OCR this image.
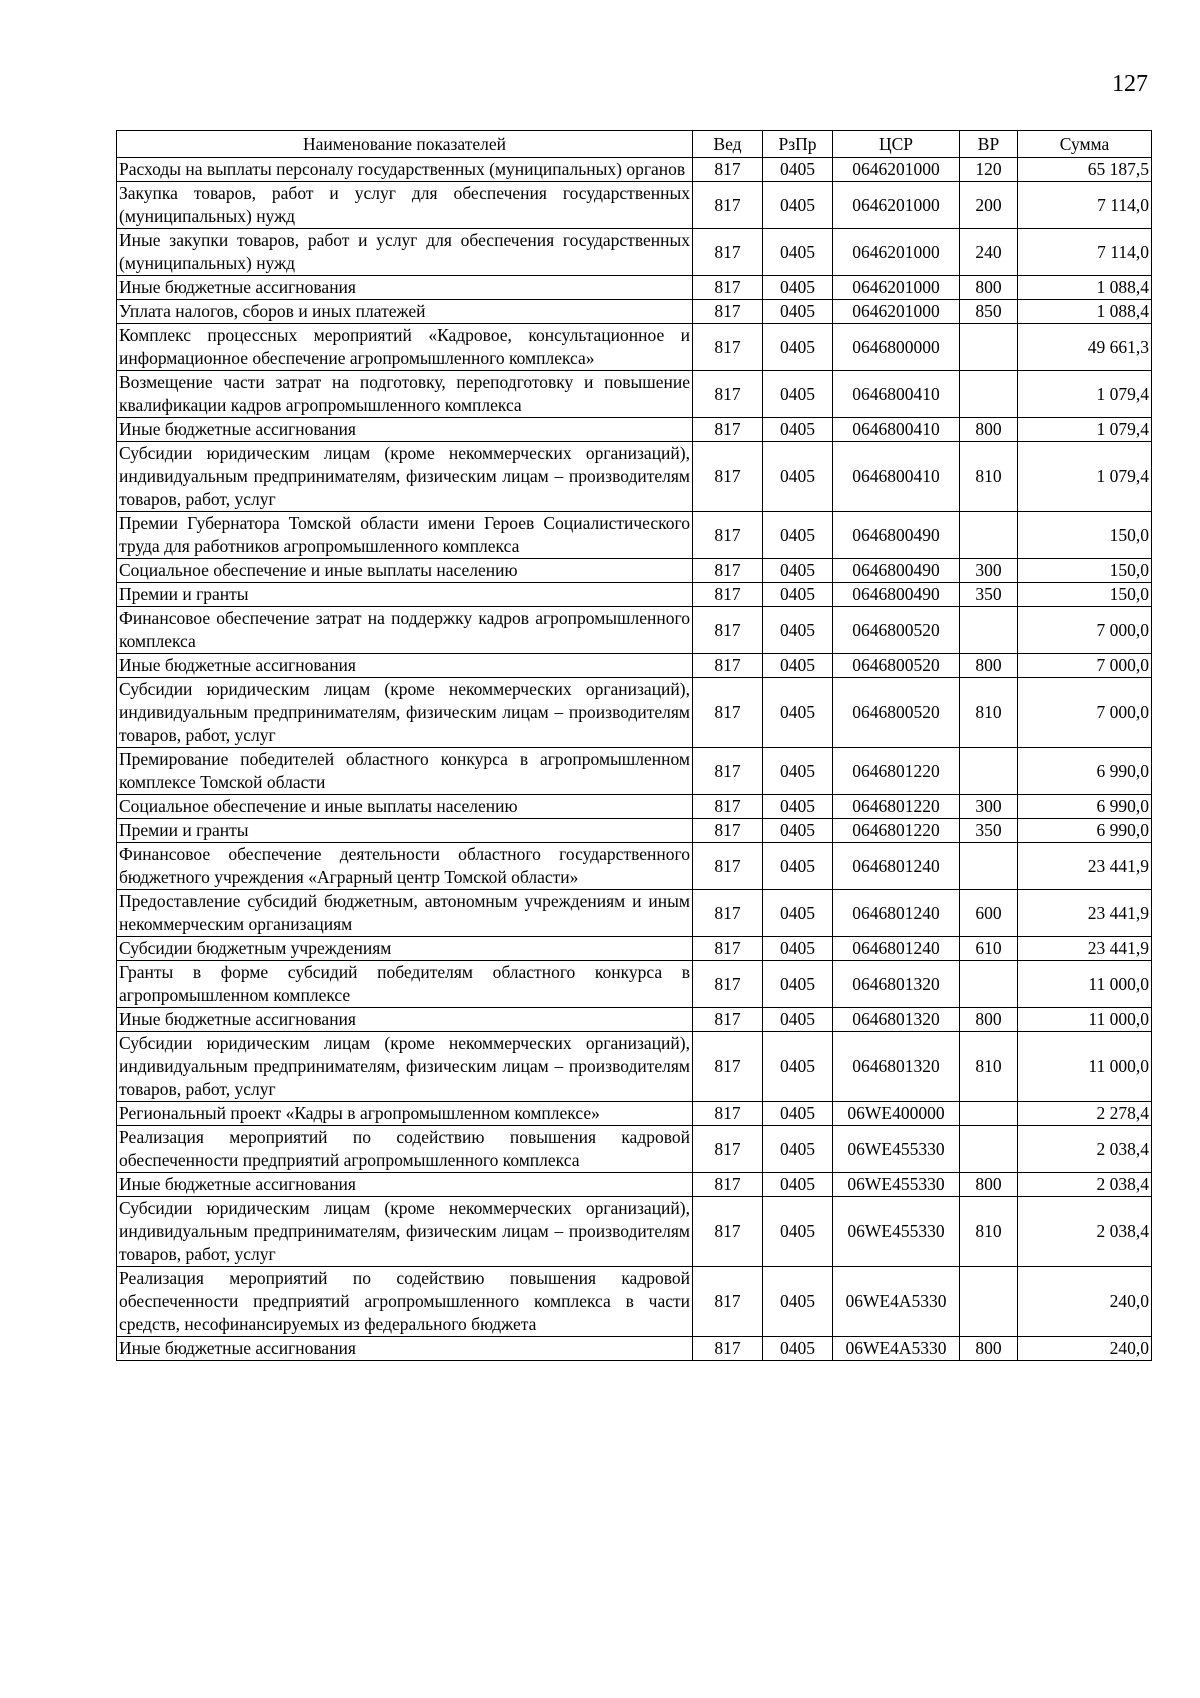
127
Наименование показателей	Вед	РзПр	ЦСР	ВР	Сумма
Расходы на выплаты персоналу государственных (муниципальных) органов	817	0405	0646201000	120	65 187,5
Закупка товаров, работ и услуг для обеспечения государственных (муниципальных) нужд	817	0405	0646201000	200	7 114,0
Иные закупки товаров, работ и услуг для обеспечения государственных (муниципальных) нужд	817	0405	0646201000	240	7 114,0
Иные бюджетные ассигнования	817	0405	0646201000	800	1 088,4
Уплата налогов, сборов и иных платежей	817	0405	0646201000	850	1 088,4
Комплекс процессных мероприятий «Кадровое, консультационное и информационное обеспечение агропромышленного комплекса»	817	0405	0646800000		49 661,3
Возмещение части затрат на подготовку, переподготовку и повышение квалификации кадров агропромышленного комплекса	817	0405	0646800410		1 079,4
Иные бюджетные ассигнования	817	0405	0646800410	800	1 079,4
Субсидии юридическим лицам (кроме некоммерческих организаций), индивидуальным предпринимателям, физическим лицам – производителям товаров, работ, услуг	817	0405	0646800410	810	1 079,4
Премии Губернатора Томской области имени Героев Социалистического труда для работников агропромышленного комплекса	817	0405	0646800490		150,0
Социальное обеспечение и иные выплаты населению	817	0405	0646800490	300	150,0
Премии и гранты	817	0405	0646800490	350	150,0
Финансовое обеспечение затрат на поддержку кадров агропромышленного комплекса	817	0405	0646800520		7 000,0
Иные бюджетные ассигнования	817	0405	0646800520	800	7 000,0
Субсидии юридическим лицам (кроме некоммерческих организаций), индивидуальным предпринимателям, физическим лицам – производителям товаров, работ, услуг	817	0405	0646800520	810	7 000,0
Премирование победителей областного конкурса в агропромышленном комплексе Томской области	817	0405	0646801220		6 990,0
Социальное обеспечение и иные выплаты населению	817	0405	0646801220	300	6 990,0
Премии и гранты	817	0405	0646801220	350	6 990,0
Финансовое обеспечение деятельности областного государственного бюджетного учреждения «Аграрный центр Томской области»	817	0405	0646801240		23 441,9
Предоставление субсидий бюджетным, автономным учреждениям и иным некоммерческим организациям	817	0405	0646801240	600	23 441,9
Субсидии бюджетным учреждениям	817	0405	0646801240	610	23 441,9
Гранты в форме субсидий победителям областного конкурса в агропромышленном комплексе	817	0405	0646801320		11 000,0
Иные бюджетные ассигнования	817	0405	0646801320	800	11 000,0
Субсидии юридическим лицам (кроме некоммерческих организаций), индивидуальным предпринимателям, физическим лицам – производителям товаров, работ, услуг	817	0405	0646801320	810	11 000,0
Региональный проект «Кадры в агропромышленном комплексе»	817	0405	06WE400000		2 278,4
Реализация мероприятий по содействию повышения кадровой обеспеченности предприятий агропромышленного комплекса	817	0405	06WE455330		2 038,4
Иные бюджетные ассигнования	817	0405	06WE455330	800	2 038,4
Субсидии юридическим лицам (кроме некоммерческих организаций), индивидуальным предпринимателям, физическим лицам – производителям товаров, работ, услуг	817	0405	06WE455330	810	2 038,4
Реализация мероприятий по содействию повышения кадровой обеспеченности предприятий агропромышленного комплекса в части средств, несофинансируемых из федерального бюджета	817	0405	06WE4A5330		240,0
Иные бюджетные ассигнования	817	0405	06WE4A5330	800	240,0
